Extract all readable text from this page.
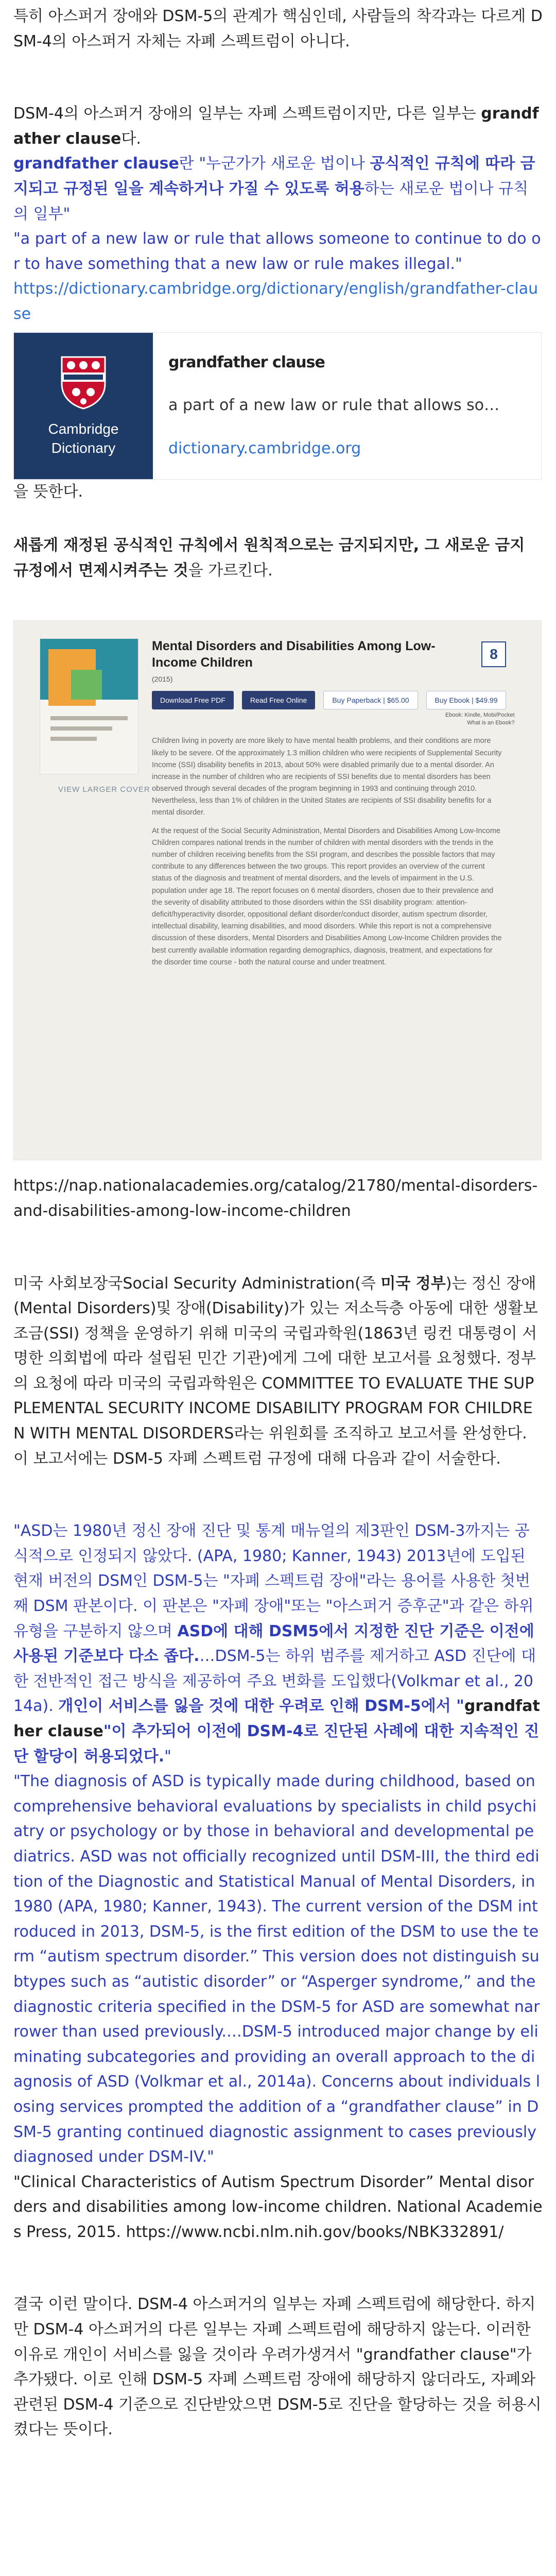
특히 아스퍼거 장애와 DSM-5의 관계가 핵심인데, 사람들의 착각과는 다르게 DSM-4의 아스퍼거 자체는 자폐 스펙트럼이 아니다.

DSM-4의 아스퍼거 장애의 일부는 자폐 스펙트럼이지만, 다른 일부는 grandfather clause다.

grandfather clause란 "누군가가 새로운 법이나 공식적인 규칙에 따라 금지되고 규정된 일을 계속하거나 가질 수 있도록 허용하는 새로운 법이나 규칙의 일부"

"a part of a new law or rule that allows someone to continue to do or to have something that a new law or rule makes illegal."

https://dictionary.cambridge.org/dictionary/english/grandfather-clause

Cambridge
Dictionary

grandfather clause

a part of a new law or rule that allows so…

dictionary.cambridge.org

을 뜻한다.

새롭게 재정된 공식적인 규칙에서 원칙적으로는 금지되지만, 그 새로운 금지 규정에서 면제시켜주는 것을 가르킨다.

VIEW LARGER COVER

Mental Disorders and Disabilities Among Low-Income Children

(2015)

8
Download Free PDF	Read Free Online	Buy Paperback | $65.00	Buy Ebook | $49.99

Ebook: Kindle, Mobi/Pocket
What is an Ebook?

Children living in poverty are more likely to have mental health problems, and their conditions are more likely to be severe. Of the approximately 1.3 million children who were recipients of Supplemental Security Income (SSI) disability benefits in 2013, about 50% were disabled primarily due to a mental disorder. An increase in the number of children who are recipients of SSI benefits due to mental disorders has been observed through several decades of the program beginning in 1993 and continuing through 2010. Nevertheless, less than 1% of children in the United States are recipients of SSI disability benefits for a mental disorder.

At the request of the Social Security Administration, Mental Disorders and Disabilities Among Low-Income Children compares national trends in the number of children with mental disorders with the trends in the number of children receiving benefits from the SSI program, and describes the possible factors that may contribute to any differences between the two groups. This report provides an overview of the current status of the diagnosis and treatment of mental disorders, and the levels of impairment in the U.S. population under age 18. The report focuses on 6 mental disorders, chosen due to their prevalence and the severity of disability attributed to those disorders within the SSI disability program: attention-deficit/hyperactivity disorder, oppositional defiant disorder/conduct disorder, autism spectrum disorder, intellectual disability, learning disabilities, and mood disorders. While this report is not a comprehensive discussion of these disorders, Mental Disorders and Disabilities Among Low-Income Children provides the best currently available information regarding demographics, diagnosis, treatment, and expectations for the disorder time course - both the natural course and under treatment.

https://nap.nationalacademies.org/catalog/21780/mental-disorders-and-disabilities-among-low-income-children

미국 사회보장국Social Security Administration(즉 미국 정부)는 정신 장애(Mental Disorders)및 장애(Disability)가 있는 저소득층 아동에 대한 생활보조금(SSI) 정책을 운영하기 위해 미국의 국립과학원(1863년 링컨 대통령이 서명한 의회법에 따라 설립된 민간 기관)에게 그에 대한 보고서를 요청했다. 정부의 요청에 따라 미국의 국립과학원은 COMMITTEE TO EVALUATE THE SUPPLEMENTAL SECURITY INCOME DISABILITY PROGRAM FOR CHILDREN WITH MENTAL DISORDERS라는 위원회를 조직하고 보고서를 완성한다. 이 보고서에는 DSM-5 자폐 스펙트럼 규정에 대해 다음과 같이 서술한다.

"ASD는 1980년 정신 장애 진단 및 통계 매뉴얼의 제3판인 DSM-3까지는 공식적으로 인정되지 않았다. (APA, 1980; Kanner, 1943) 2013년에 도입된 현재 버전의 DSM인 DSM-5는 "자폐 스펙트럼 장애"라는 용어를 사용한 첫번째 DSM 판본이다. 이 판본은 "자폐 장애"또는 "아스퍼거 증후군"과 같은 하위 유형을 구분하지 않으며 ASD에 대해 DSM5에서 지정한 진단 기준은 이전에 사용된 기준보다 다소 좁다.…DSM-5는 하위 범주를 제거하고 ASD 진단에 대한 전반적인 접근 방식을 제공하여 주요 변화를 도입했다(Volkmar et al., 2014a). 개인이 서비스를 잃을 것에 대한 우려로 인해 DSM-5에서 "grandfather clause"이 추가되어 이전에 DSM-4로 진단된 사례에 대한 지속적인 진단 할당이 허용되었다."

"The diagnosis of ASD is typically made during childhood, based on comprehensive behavioral evaluations by specialists in child psychiatry or psychology or by those in behavioral and developmental pediatrics. ASD was not officially recognized until DSM-III, the third edition of the Diagnostic and Statistical Manual of Mental Disorders, in 1980 (APA, 1980; Kanner, 1943). The current version of the DSM introduced in 2013, DSM-5, is the first edition of the DSM to use the term “autism spectrum disorder.” This version does not distinguish subtypes such as “autistic disorder” or “Asperger syndrome,” and the diagnostic criteria specified in the DSM-5 for ASD are somewhat narrower than used previously.…DSM-5 introduced major change by eliminating subcategories and providing an overall approach to the diagnosis of ASD (Volkmar et al., 2014a). Concerns about individuals losing services prompted the addition of a “grandfather clause” in DSM-5 granting continued diagnostic assignment to cases previously diagnosed under DSM-IV."

"Clinical Characteristics of Autism Spectrum Disorder” Mental disorders and disabilities among low-income children. National Academies Press, 2015. https://www.ncbi.nlm.nih.gov/books/NBK332891/

결국 이런 말이다. DSM-4 아스퍼거의 일부는 자폐 스펙트럼에 해당한다. 하지만 DSM-4 아스퍼거의 다른 일부는 자폐 스펙트럼에 해당하지 않는다. 이러한 이유로 개인이 서비스를 잃을 것이라 우려가생겨서 "grandfather clause"가 추가됐다. 이로 인해 DSM-5 자폐 스펙트럼 장애에 해당하지 않더라도, 자폐와 관련된 DSM-4 기준으로 진단받았으면 DSM-5로 진단을 할당하는 것을 허용시켰다는 뜻이다.
